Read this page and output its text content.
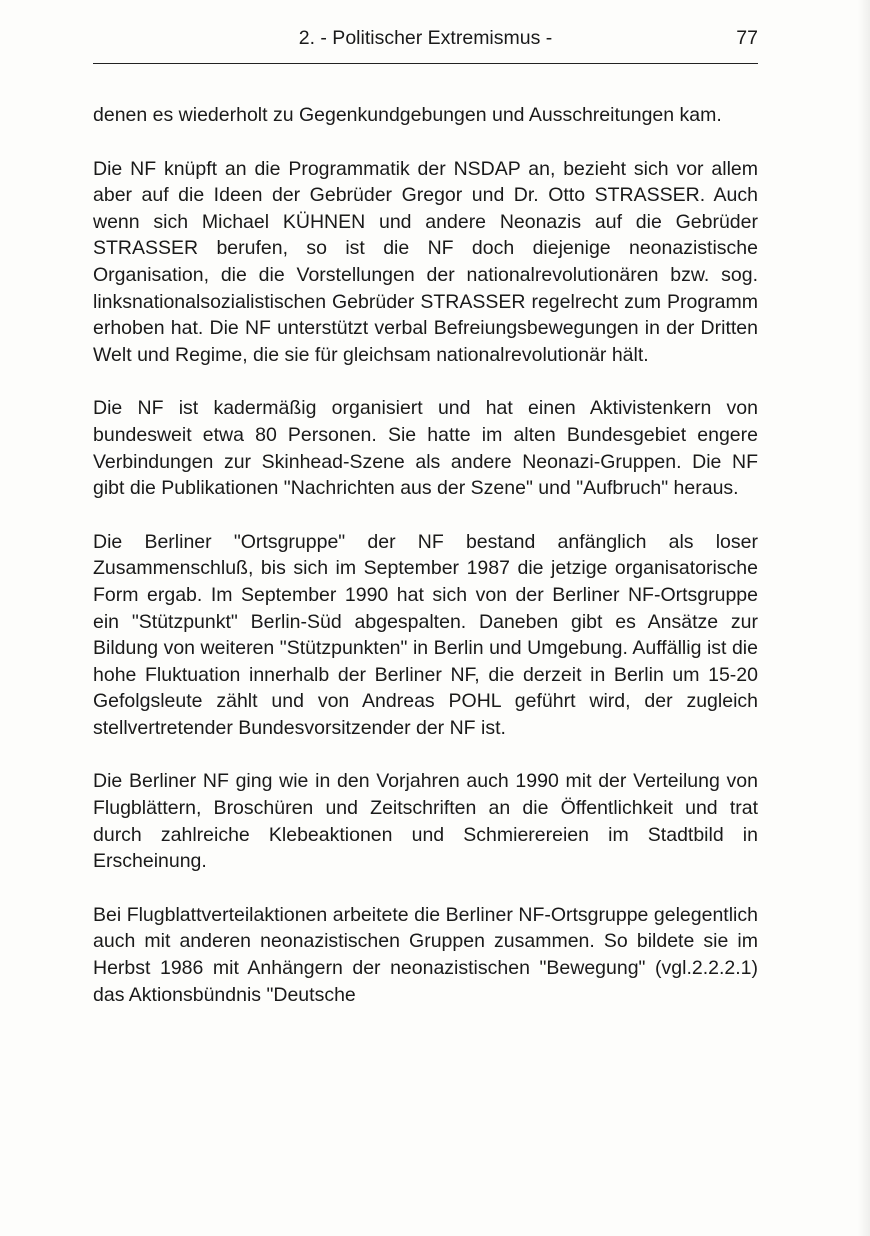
2. - Politischer Extremismus -	77

denen es wiederholt zu Gegenkundgebungen und Ausschreitungen kam.

Die NF knüpft an die Programmatik der NSDAP an, bezieht sich vor allem aber auf die Ideen der Gebrüder Gregor und Dr. Otto STRASSER. Auch wenn sich Michael KÜHNEN und andere Neonazis auf die Gebrüder STRASSER berufen, so ist die NF doch diejenige neonazistische Organisation, die die Vorstellungen der nationalrevolutionären bzw. sog. linksnationalsozialistischen Gebrüder STRASSER regelrecht zum Programm erhoben hat. Die NF unterstützt verbal Befreiungsbewegungen in der Dritten Welt und Regime, die sie für gleichsam nationalrevolutionär hält.

Die NF ist kadermäßig organisiert und hat einen Aktivistenkern von bundesweit etwa 80 Personen. Sie hatte im alten Bundesgebiet engere Verbindungen zur Skinhead-Szene als andere Neonazi-Gruppen. Die NF gibt die Publikationen "Nachrichten aus der Szene" und "Aufbruch" heraus.

Die Berliner "Ortsgruppe" der NF bestand anfänglich als loser Zusammenschluß, bis sich im September 1987 die jetzige organisatorische Form ergab. Im September 1990 hat sich von der Berliner NF-Ortsgruppe ein "Stützpunkt" Berlin-Süd abgespalten. Daneben gibt es Ansätze zur Bildung von weiteren "Stützpunkten" in Berlin und Umgebung. Auffällig ist die hohe Fluktuation innerhalb der Berliner NF, die derzeit in Berlin um 15-20 Gefolgsleute zählt und von Andreas POHL geführt wird, der zugleich stellvertretender Bundesvorsitzender der NF ist.

Die Berliner NF ging wie in den Vorjahren auch 1990 mit der Verteilung von Flugblättern, Broschüren und Zeitschriften an die Öffentlichkeit und trat durch zahlreiche Klebeaktionen und Schmierereien im Stadtbild in Erscheinung.

Bei Flugblattverteilaktionen arbeitete die Berliner NF-Ortsgruppe gelegentlich auch mit anderen neonazistischen Gruppen zusammen. So bildete sie im Herbst 1986 mit Anhängern der neonazistischen "Bewegung" (vgl.2.2.2.1) das Aktionsbündnis "Deutsche
